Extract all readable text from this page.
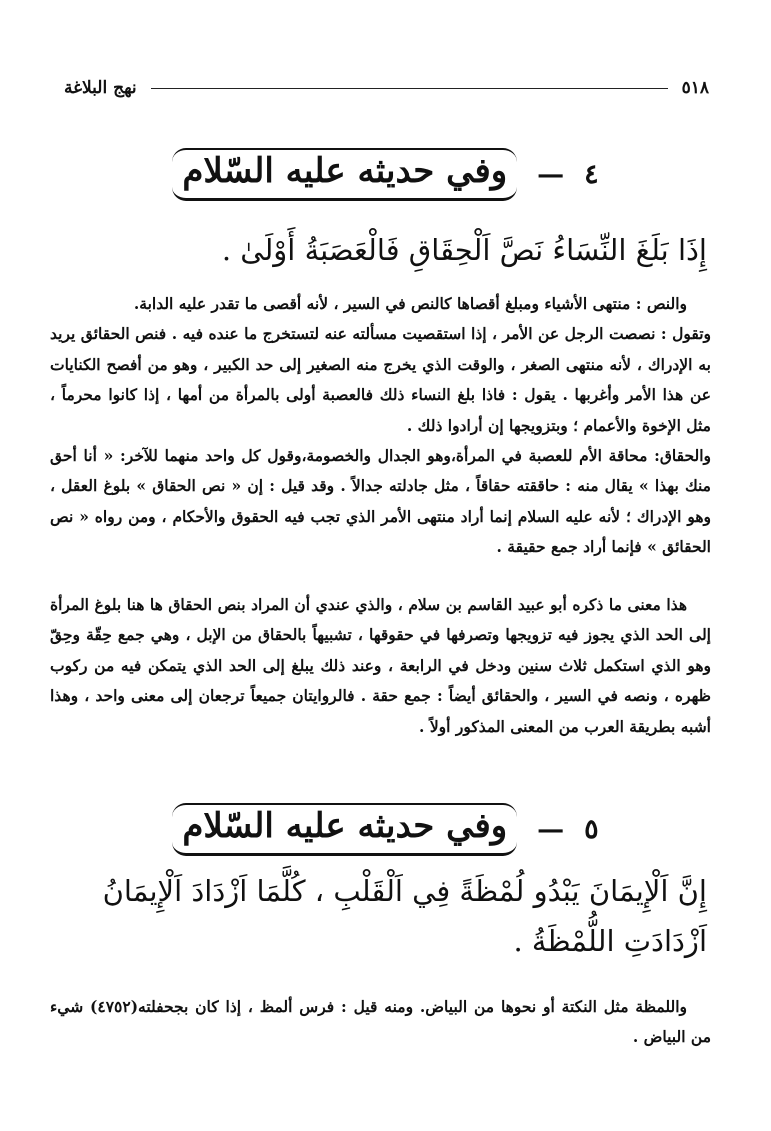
٥١٨
نهج البلاغة
٤
—
وفي حديثه عليه السّلام
إِذَا بَلَغَ النِّسَاءُ نَصَّ اَلْحِقَاقِ فَالْعَصَبَةُ أَوْلَىٰ .

والنص : منتهى الأشياء ومبلغ أقصاها كالنص في السير ، لأنه أقصى ما تقدر عليه الدابة.

وتقول : نصصت الرجل عن الأمر ، إذا استقصيت مسألته عنه لتستخرج ما عنده فيه . فنص الحقائق يريد به الإدراك ، لأنه منتهى الصغر ، والوقت الذي يخرج منه الصغير إلى حد الكبير ، وهو من أفصح الكنايات عن هذا الأمر وأغربها . يقول : فاذا بلغ النساء ذلك فالعصبة أولى بالمرأة من أمها ، إذا كانوا محرماً ، مثل الإخوة والأعمام ؛ وبتزويجها إن أرادوا ذلك .

والحقاق: محاقة الأم للعصبة في المرأة،وهو الجدال والخصومة،وقول كل واحد منهما للآخر: « أنا أحق منك بهذا » يقال منه : حاققته حقاقاً ، مثل جادلته جدالاً . وقد قيل : إن « نص الحقاق » بلوغ العقل ، وهو الإدراك ؛ لأنه عليه السلام إنما أراد منتهى الأمر الذي تجب فيه الحقوق والأحكام ، ومن رواه « نص الحقائق » فإنما أراد جمع حقيقة .

هذا معنى ما ذكره أبو عبيد القاسم بن سلام ، والذي عندي أن المراد بنص الحقاق ها هنا بلوغ المرأة إلى الحد الذي يجوز فيه تزويجها وتصرفها في حقوقها ، تشبيهاً بالحقاق من الإبل ، وهي جمع حِقّة وحِقّ وهو الذي استكمل ثلاث سنين ودخل في الرابعة ، وعند ذلك يبلغ إلى الحد الذي يتمكن فيه من ركوب ظهره ، ونصه في السير ، والحقائق أيضاً : جمع حقة . فالروايتان جميعاً ترجعان إلى معنى واحد ، وهذا أشبه بطريقة العرب من المعنى المذكور أولاً .

٥
—
وفي حديثه عليه السّلام
إِنَّ اَلْإِيمَانَ يَبْدُو لُمْظَةً فِي اَلْقَلْبِ ، كُلَّمَا اَزْدَادَ اَلْإِيمَانُ اَزْدَادَتِ اللُّمْظَةُ .

واللمظة مثل النكتة أو نحوها من البياض. ومنه قيل : فرس ألمظ ، إذا كان بجحفلته(٤٧٥٢) شيء من البياض .
